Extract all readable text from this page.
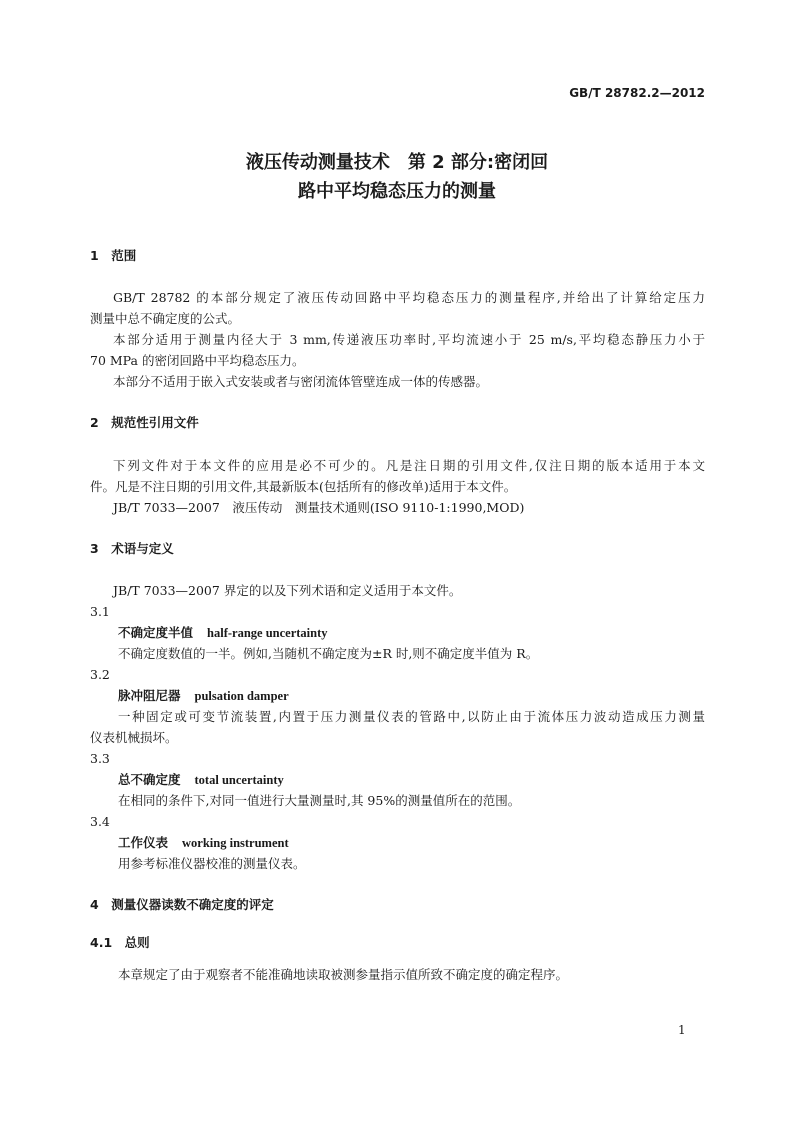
GB/T 28782.2—2012
液压传动测量技术　第 2 部分:密闭回
路中平均稳态压力的测量
1　范围
GB/T 28782 的本部分规定了液压传动回路中平均稳态压力的测量程序,并给出了计算给定压力
测量中总不确定度的公式。
本部分适用于测量内径大于 3 mm,传递液压功率时,平均流速小于 25 m/s,平均稳态静压力小于
70 MPa 的密闭回路中平均稳态压力。
本部分不适用于嵌入式安装或者与密闭流体管壁连成一体的传感器。
2　规范性引用文件
下列文件对于本文件的应用是必不可少的。凡是注日期的引用文件,仅注日期的版本适用于本文
件。凡是不注日期的引用文件,其最新版本(包括所有的修改单)适用于本文件。
JB/T 7033—2007　液压传动　测量技术通则(ISO 9110-1:1990,MOD)
3　术语与定义
JB/T 7033—2007 界定的以及下列术语和定义适用于本文件。
3.1
不确定度半值 half-range uncertainty
不确定度数值的一半。例如,当随机不确定度为±R 时,则不确定度半值为 R。
3.2
脉冲阻尼器 pulsation damper
一种固定或可变节流装置,内置于压力测量仪表的管路中,以防止由于流体压力波动造成压力测量
仪表机械损坏。
3.3
总不确定度 total uncertainty
在相同的条件下,对同一值进行大量测量时,其 95%的测量值所在的范围。
3.4
工作仪表 working instrument
用参考标准仪器校准的测量仪表。
4　测量仪器读数不确定度的评定
4.1　总则
本章规定了由于观察者不能准确地读取被测参量指示值所致不确定度的确定程序。
1
